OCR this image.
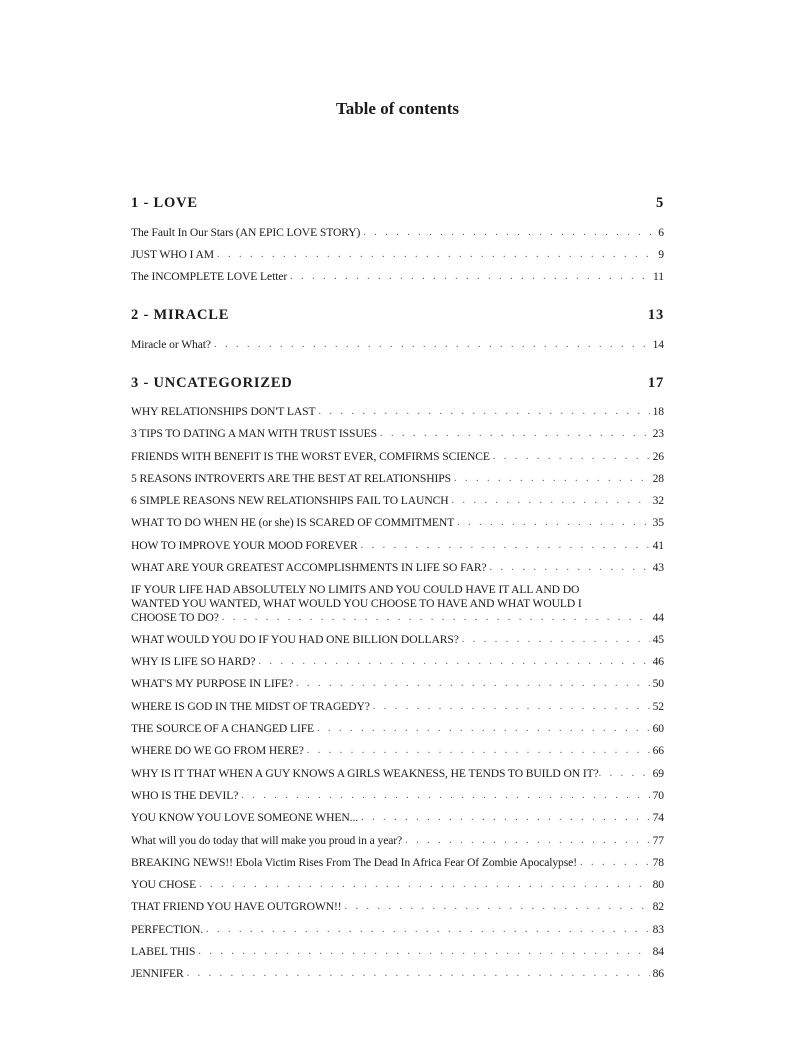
Table of contents
1 - LOVE	5
The Fault In Our Stars (AN EPIC LOVE STORY) . . .	6
JUST WHO I AM . . .	9
The INCOMPLETE LOVE Letter . . .	11
2 - MIRACLE	13
Miracle or What? . . .	14
3 - UNCATEGORIZED	17
WHY RELATIONSHIPS DON'T LAST . . .	18
3 TIPS TO DATING A MAN WITH TRUST ISSUES . . .	23
FRIENDS WITH BENEFIT IS THE WORST EVER, COMFIRMS SCIENCE . . .	26
5 REASONS INTROVERTS ARE THE BEST AT RELATIONSHIPS . . .	28
6 SIMPLE REASONS NEW RELATIONSHIPS FAIL TO LAUNCH . . .	32
WHAT TO DO WHEN HE (or she) IS SCARED OF COMMITMENT . . .	35
HOW TO IMPROVE YOUR MOOD FOREVER . . .	41
WHAT ARE YOUR GREATEST ACCOMPLISHMENTS IN LIFE SO FAR? . . .	43
IF YOUR LIFE HAD ABSOLUTELY NO LIMITS AND YOU COULD HAVE IT ALL AND DO
WANTED YOU WANTED, WHAT WOULD YOU CHOOSE TO HAVE AND WHAT WOULD I
CHOOSE TO DO? . . .	44
WHAT WOULD YOU DO IF YOU HAD ONE BILLION DOLLARS? . . .	45
WHY IS LIFE SO HARD? . . .	46
WHAT'S MY PURPOSE IN LIFE? . . .	50
WHERE IS GOD IN THE MIDST OF TRAGEDY? . . .	52
THE SOURCE OF A CHANGED LIFE . . .	60
WHERE DO WE GO FROM HERE? . . .	66
WHY IS IT THAT WHEN A GUY KNOWS A GIRLS WEAKNESS, HE TENDS TO BUILD ON IT? . . .	69
WHO IS THE DEVIL? . . .	70
YOU KNOW YOU LOVE SOMEONE WHEN... . . .	74
What will you do today that will make you proud in a year? . . .	77
BREAKING NEWS!! Ebola Victim Rises From The Dead In Africa Fear Of Zombie Apocalypse! . . .	78
YOU CHOSE . . .	80
THAT FRIEND YOU HAVE OUTGROWN!! . . .	82
PERFECTION. . . .	83
LABEL THIS . . .	84
JENNIFER . . .	86
